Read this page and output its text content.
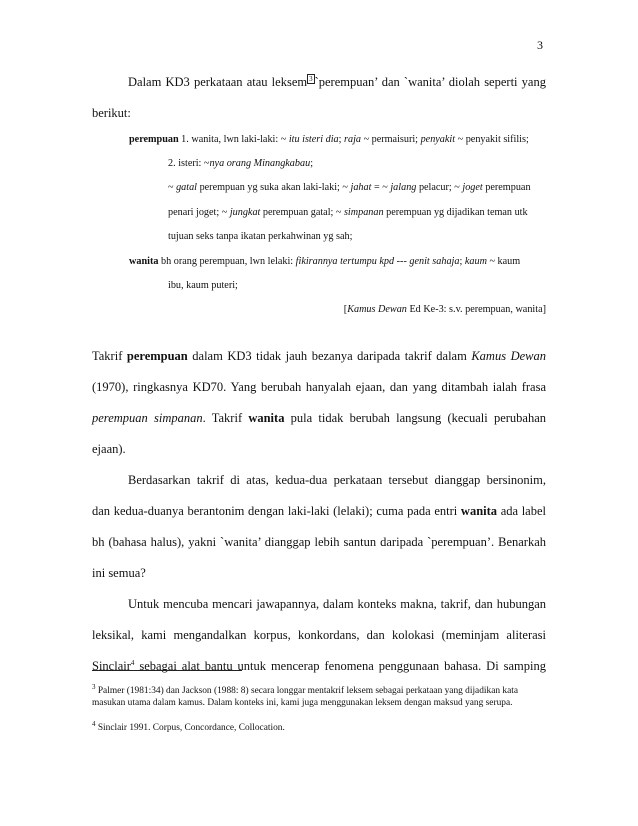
3
Dalam KD3 perkataan atau leksem 3 `perempuan’ dan `wanita’ diolah seperti yang
berikut:
perempuan 1. wanita, lwn laki-laki: ~ itu isteri dia; raja ~ permaisuri; penyakit ~ penyakit sifilis;
2. isteri: ~nya orang Minangkabau;
~ gatal perempuan yg suka akan laki-laki; ~ jahat = ~ jalang pelacur; ~ joget perempuan
penari joget; ~ jungkat perempuan gatal; ~ simpanan perempuan yg dijadikan teman utk
tujuan seks tanpa ikatan perkahwinan yg sah;
wanita bh orang perempuan, lwn lelaki: fikirannya tertumpu kpd --- genit sahaja; kaum ~ kaum
ibu, kaum puteri;
[Kamus Dewan Ed Ke-3: s.v. perempuan, wanita]
Takrif perempuan dalam KD3 tidak jauh bezanya daripada takrif dalam Kamus Dewan
(1970), ringkasnya KD70. Yang berubah hanyalah ejaan, dan yang ditambah ialah frasa
perempuan simpanan. Takrif wanita pula tidak berubah langsung (kecuali perubahan
ejaan).
Berdasarkan takrif di atas, kedua-dua perkataan tersebut dianggap bersinonim,
dan kedua-duanya berantonim dengan laki-laki (lelaki); cuma pada entri wanita ada label
bh (bahasa halus), yakni `wanita’ dianggap lebih santun daripada `perempuan’. Benarkah
ini semua?
Untuk mencuba mencari jawapannya, dalam konteks makna, takrif, dan hubungan
leksikal, kami mengandalkan korpus, konkordans, dan kolokasi (meminjam aliterasi
Sinclair$^4$ sebagai alat bantu untuk mencerap fenomena penggunaan bahasa. Di samping
$^3$ Palmer (1981:34) dan Jackson (1988: 8) secara longgar mentakrif leksem sebagai perkataan yang dijadikan kata masukan utama dalam kamus. Dalam konteks ini, kami juga menggunakan leksem dengan maksud yang serupa.
$^4$ Sinclair 1991. Corpus, Concordance, Collocation.
